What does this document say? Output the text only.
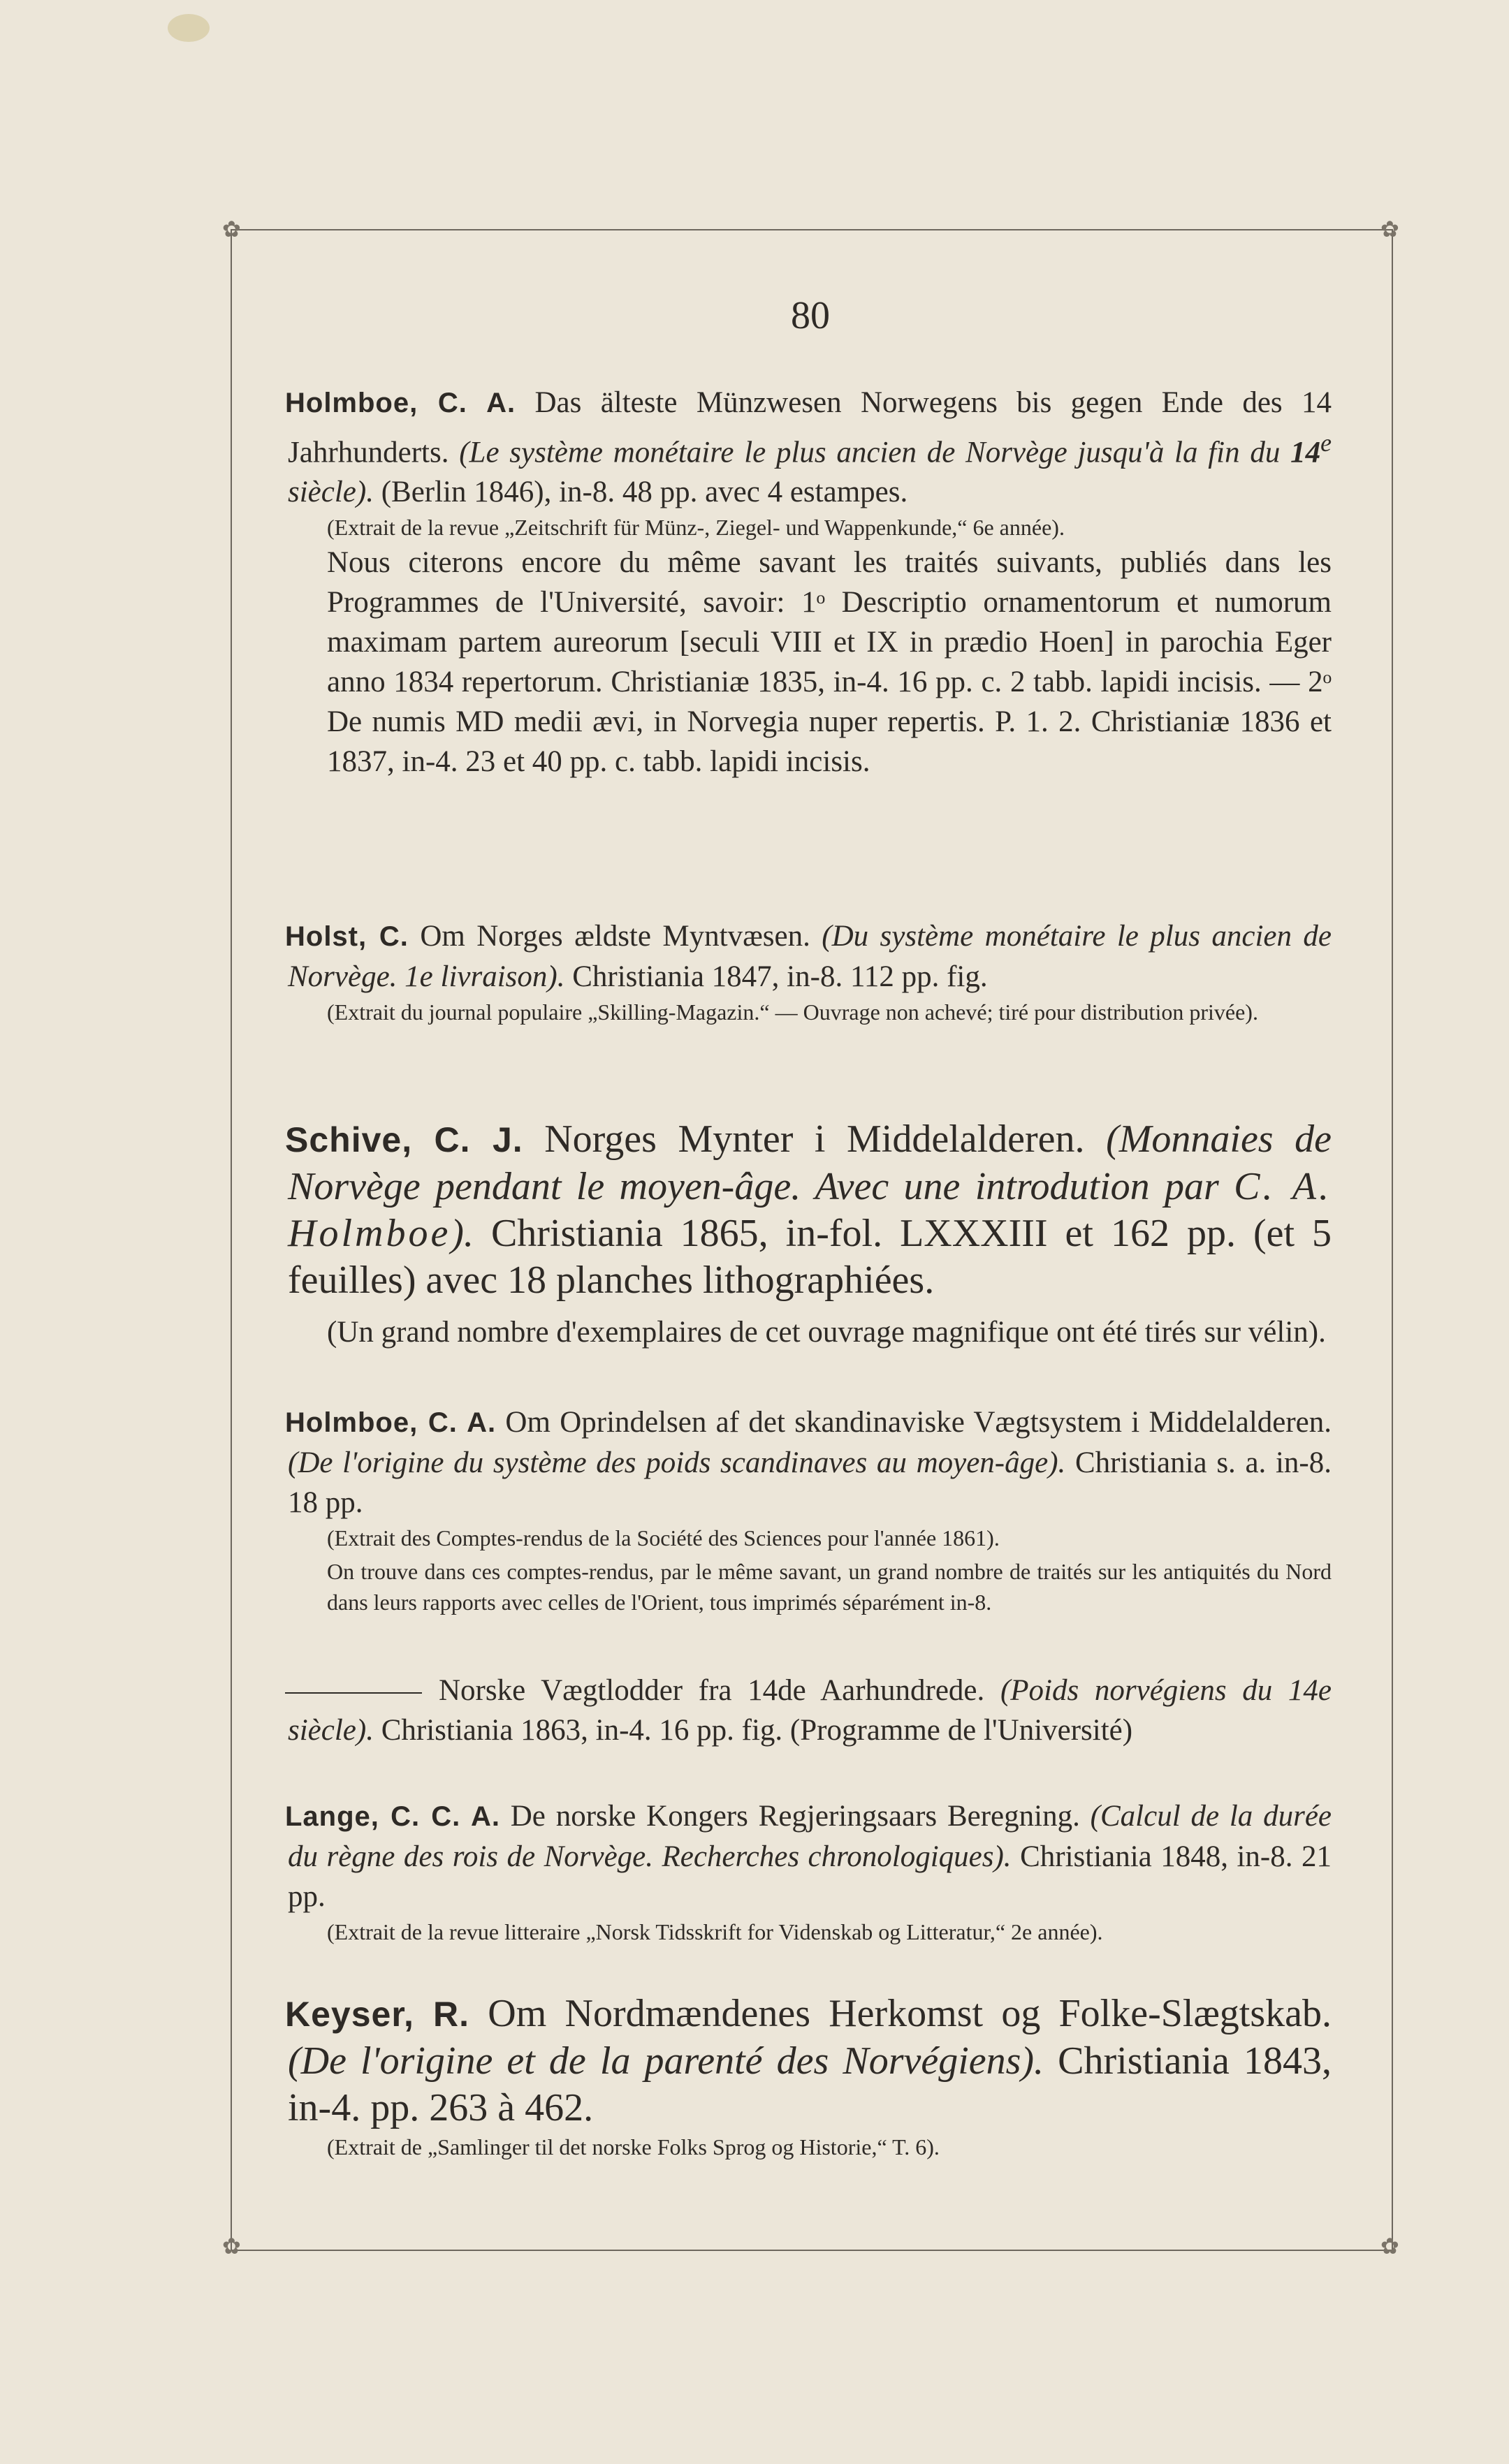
✿	✿
✿	✿
80

Holmboe, C. A. Das älteste Münzwesen Norwegens bis gegen Ende des 14 Jahrhunderts. (Le système monétaire le plus ancien de Norvège jusqu'à la fin du 14e siècle). (Berlin 1846), in-8. 48 pp. avec 4 estampes.

(Extrait de la revue „Zeitschrift für Münz-, Ziegel- und Wappenkunde,“ 6e année).

Nous citerons encore du même savant les traités suivants, publiés dans les Programmes de l'Université, savoir: 1ᵒ Descriptio ornamentorum et numorum maximam partem aureorum [seculi VIII et IX in prædio Hoen] in parochia Eger anno 1834 repertorum. Christianiæ 1835, in-4. 16 pp. c. 2 tabb. lapidi incisis. — 2ᵒ De numis MD medii ævi, in Norvegia nuper repertis. P. 1. 2. Christianiæ 1836 et 1837, in-4. 23 et 40 pp. c. tabb. lapidi incisis.

Holst, C. Om Norges ældste Myntvæsen. (Du système monétaire le plus ancien de Norvège. 1e livraison). Christiania 1847, in-8. 112 pp. fig.

(Extrait du journal populaire „Skilling-Magazin.“ — Ouvrage non achevé; tiré pour distribution privée).

Schive, C. J. Norges Mynter i Middelalderen. (Monnaies de Norvège pendant le moyen-âge. Avec une introdution par C. A. Holmboe). Christiania 1865, in-fol. LXXXIII et 162 pp. (et 5 feuilles) avec 18 planches lithographiées.

(Un grand nombre d'exemplaires de cet ouvrage magnifique ont été tirés sur vélin).

Holmboe, C. A. Om Oprindelsen af det skandinaviske Vægtsystem i Middelalderen. (De l'origine du système des poids scandinaves au moyen-âge). Christiania s. a. in-8. 18 pp.

(Extrait des Comptes-rendus de la Société des Sciences pour l'année 1861).

On trouve dans ces comptes-rendus, par le même savant, un grand nombre de traités sur les antiquités du Nord dans leurs rapports avec celles de l'Orient, tous imprimés séparément in-8.

Norske Vægtlodder fra 14de Aarhundrede. (Poids norvégiens du 14e siècle). Christiania 1863, in-4. 16 pp. fig. (Programme de l'Université)

Lange, C. C. A. De norske Kongers Regjeringsaars Beregning. (Calcul de la durée du règne des rois de Norvège. Recherches chronologiques). Christiania 1848, in-8. 21 pp.

(Extrait de la revue litteraire „Norsk Tidsskrift for Videnskab og Litteratur,“ 2e année).

Keyser, R. Om Nordmændenes Herkomst og Folke-Slægtskab. (De l'origine et de la parenté des Norvégiens). Christiania 1843, in-4. pp. 263 à 462.

(Extrait de „Samlinger til det norske Folks Sprog og Historie,“ T. 6).
